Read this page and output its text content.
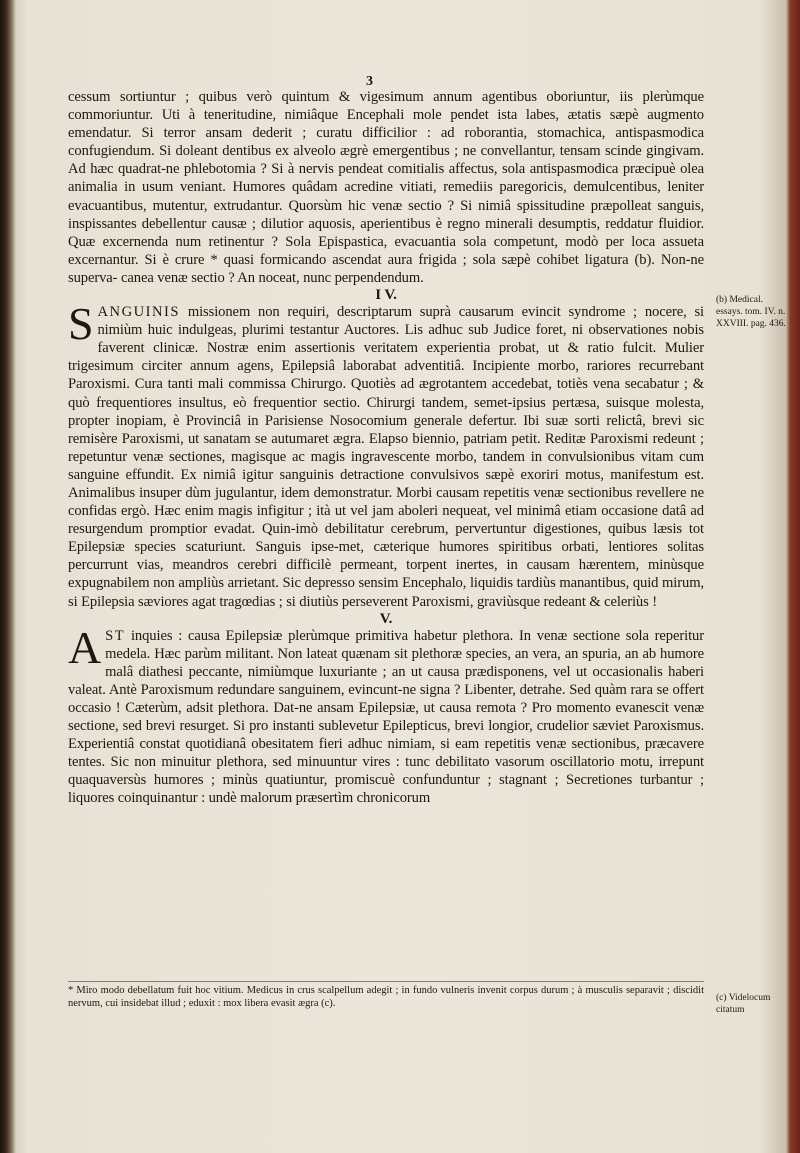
3

cessum sortiuntur ; quibus verò quintum & vigesimum annum agentibus oboriuntur, iis plerùmque commoriuntur. Uti à teneritudine, nimiâque Encephali mole pendet ista labes, ætatis sæpè augmento emendatur. Si terror ansam dederit ; curatu difficilior : ad roborantia, stomachica, antispasmodica confugiendum. Si doleant dentibus ex alveolo ægrè emergentibus ; ne convellantur, tensam scinde gingivam. Ad hæc quadrat-ne phlebotomia ? Si à nervis pendeat comitialis affectus, sola antispasmodica præcipuè olea animalia in usum veniant. Humores quâdam acredine vitiati, remediis paregoricis, demulcentibus, leniter evacuantibus, mutentur, extrudantur. Quorsùm hic venæ sectio ? Si nimiâ spissitudine præpolleat sanguis, inspissantes debellentur causæ ; dilutior aquosis, aperientibus è regno minerali desumptis, reddatur fluidior. Quæ excernenda num retinentur ? Sola Epispastica, evacuantia sola competunt, modò per loca assueta excernantur. Si è crure * quasi formicando ascendat aura frigida ; sola sæpè cohibet ligatura (b). Non-ne superva- canea venæ sectio ? An noceat, nunc perpendendum.

I V.

SANGUINIS missionem non requiri, descriptarum suprà causarum evincit syndrome ; nocere, si nimiùm huic indulgeas, plurimi testantur Auctores. Lis adhuc sub Judice foret, ni observationes nobis faverent clinicæ. Nostræ enim assertionis veritatem experientia probat, ut & ratio fulcit. Mulier trigesimum circiter annum agens, Epilepsiâ laborabat adventitiâ. Incipiente morbo, rariores recurrebant Paroxismi. Cura tanti mali commissa Chirurgo. Quotiès ad ægrotantem accedebat, totiès vena secabatur ; & quò frequentiores insultus, eò frequentior sectio. Chirurgi tandem, semet-ipsius pertæsa, suisque molesta, propter inopiam, è Provinciâ in Parisiense Nosocomium generale defertur. Ibi suæ sorti relictâ, brevi sic remisère Paroxismi, ut sanatam se autumaret ægra. Elapso biennio, patriam petit. Reditæ Paroxismi redeunt ; repetuntur venæ sectiones, magisque ac magis ingravescente morbo, tandem in convulsionibus vitam cum sanguine effundit. Ex nimiâ igitur sanguinis detractione convulsivos sæpè exoriri motus, manifestum est. Animalibus insuper dùm jugulantur, idem demonstratur. Morbi causam repetitis venæ sectionibus revellere ne confidas ergò. Hæc enim magis infigitur ; ità ut vel jam aboleri nequeat, vel minimâ etiam occasione datâ ad resurgendum promptior evadat. Quin-imò debilitatur cerebrum, pervertuntur digestiones, quibus læsis tot Epilepsiæ species scaturiunt. Sanguis ipse-met, cæterique humores spiritibus orbati, lentiores solitas percurrunt vias, meandros cerebri difficilè permeant, torpent inertes, in causam hærentem, minùsque expugnabilem non ampliùs arrietant. Sic depresso sensim Encephalo, liquidis tardiùs manantibus, quid mirum, si Epilepsia sæviores agat tragœdias ; si diutiùs perseverent Paroxismi, graviùsque redeant & celeriùs !

V.

AST inquies : causa Epilepsiæ plerùmque primitiva habetur plethora. In venæ sectione sola reperitur medela. Hæc parùm militant. Non lateat quænam sit plethoræ species, an vera, an spuria, an ab humore malâ diathesi peccante, nimiùmque luxuriante ; an ut causa prædisponens, vel ut occasionalis haberi valeat. Antè Paroxismum redundare sanguinem, evincunt-ne signa ? Libenter, detrahe. Sed quàm rara se offert occasio ! Cæterùm, adsit plethora. Dat-ne ansam Epilepsiæ, ut causa remota ? Pro momento evanescit venæ sectione, sed brevi resurget. Si pro instanti sublevetur Epilepticus, brevi longior, crudelior sæviet Paroxismus. Experientiâ constat quotidianâ obesitatem fieri adhuc nimiam, si eam repetitis venæ sectionibus, præcavere tentes. Sic non minuitur plethora, sed minuuntur vires : tunc debilitato vasorum oscillatorio motu, irrepunt quaquaversùs humores ; minùs quatiuntur, promiscuè confunduntur ; stagnant ; Secretiones turbantur ; liquores coinquinantur : undè malorum præsertìm chronicorum

* Miro modo debellatum fuit hoc vitium. Medicus in crus scalpellum adegit ; in fundo vulneris invenit corpus durum ; à musculis separavit ; discidit nervum, cui insidebat illud ; eduxit : mox libera evasit ægra (c).
(b) Medical. essays. tom. IV. n. XXVIII. pag. 436.
(c) Videlocum citatum
